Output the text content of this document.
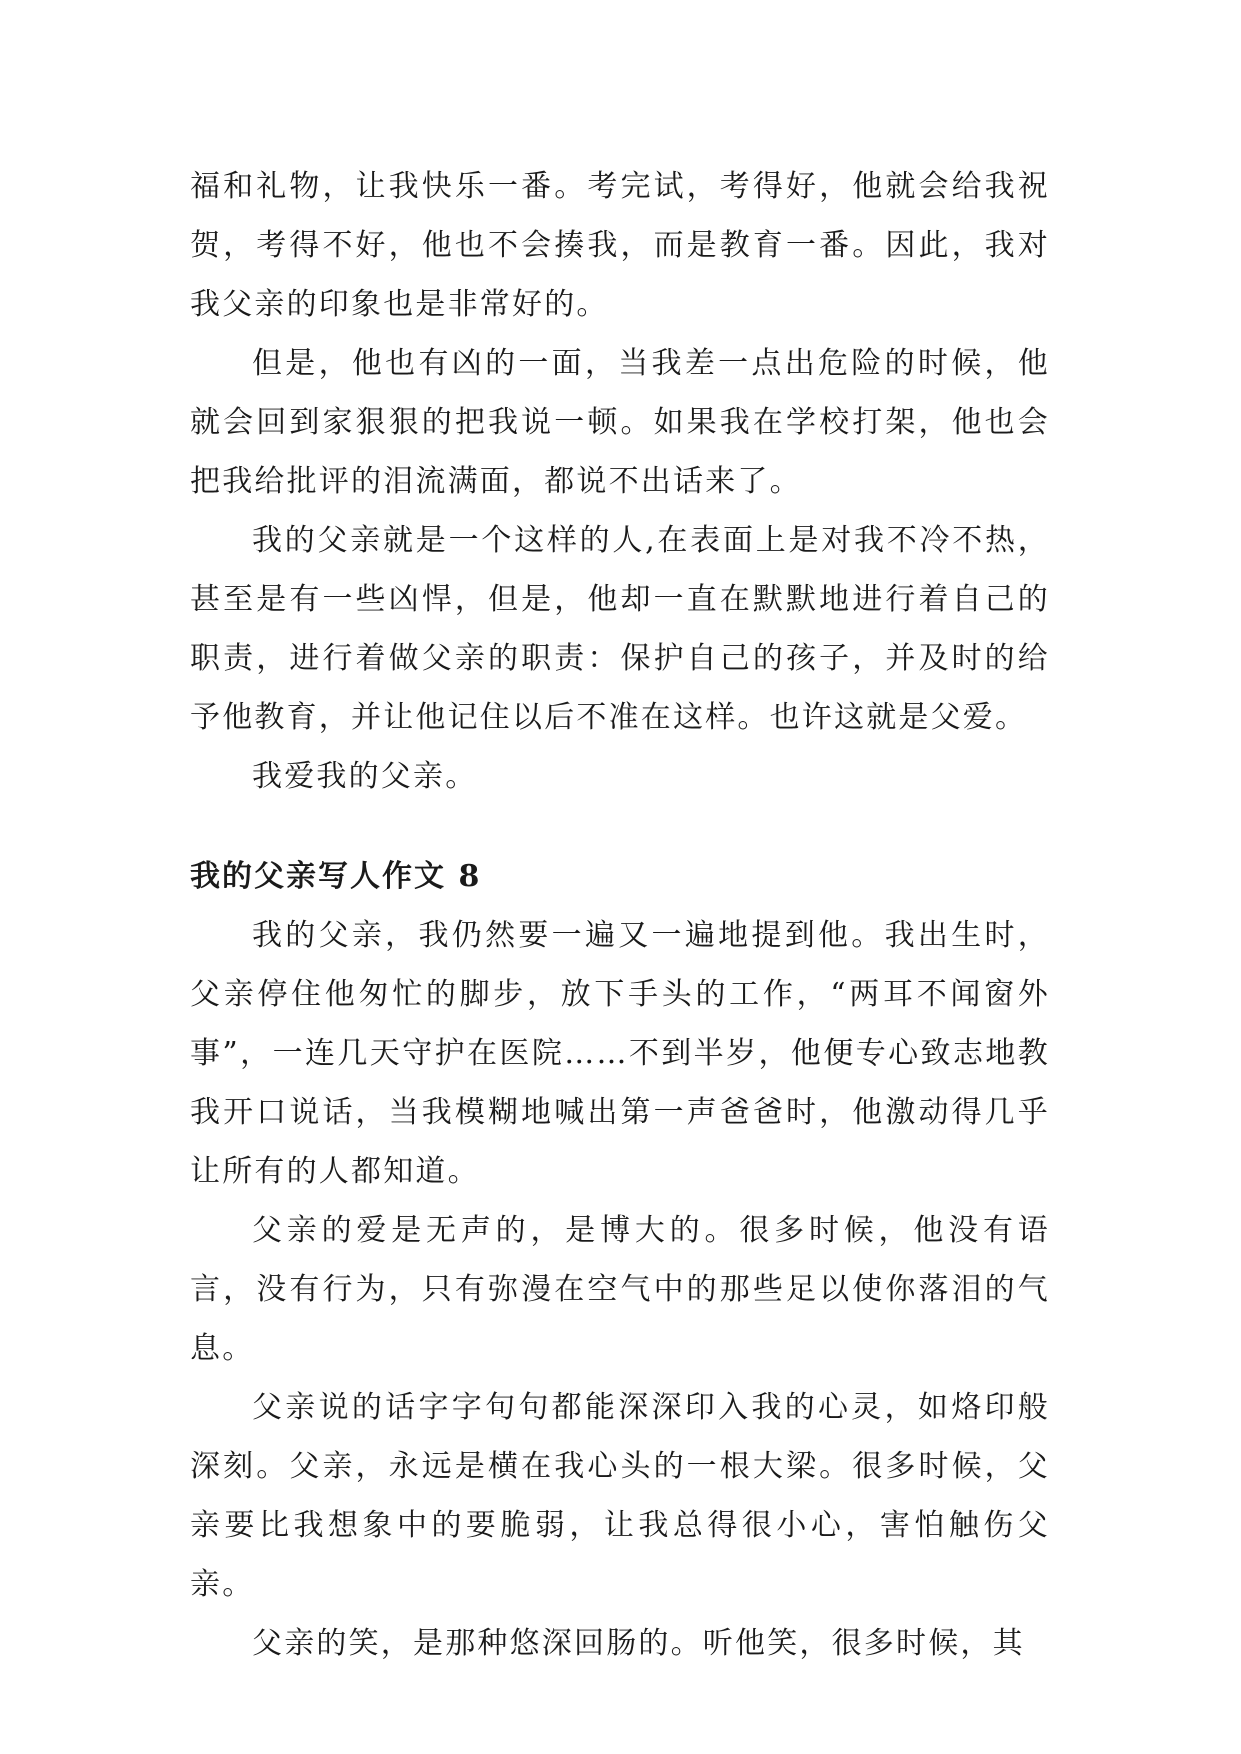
福和礼物，让我快乐一番。考完试，考得好，他就会给我祝贺，考得不好，他也不会揍我，而是教育一番。因此，我对我父亲的印象也是非常好的。

但是，他也有凶的一面，当我差一点出危险的时候，他就会回到家狠狠的把我说一顿。如果我在学校打架，他也会把我给批评的泪流满面，都说不出话来了。

我的父亲就是一个这样的人,在表面上是对我不冷不热，甚至是有一些凶悍，但是，他却一直在默默地进行着自己的职责，进行着做父亲的职责：保护自己的孩子，并及时的给予他教育，并让他记住以后不准在这样。也许这就是父爱。

我爱我的父亲。

我的父亲写人作文 8

我的父亲，我仍然要一遍又一遍地提到他。我出生时，父亲停住他匆忙的脚步，放下手头的工作，“两耳不闻窗外事”，一连几天守护在医院……不到半岁，他便专心致志地教我开口说话，当我模糊地喊出第一声爸爸时，他激动得几乎让所有的人都知道。

父亲的爱是无声的，是博大的。很多时候，他没有语言，没有行为，只有弥漫在空气中的那些足以使你落泪的气息。

父亲说的话字字句句都能深深印入我的心灵，如烙印般深刻。父亲，永远是横在我心头的一根大梁。很多时候，父亲要比我想象中的要脆弱，让我总得很小心，害怕触伤父亲。

父亲的笑，是那种悠深回肠的。听他笑，很多时候，其
